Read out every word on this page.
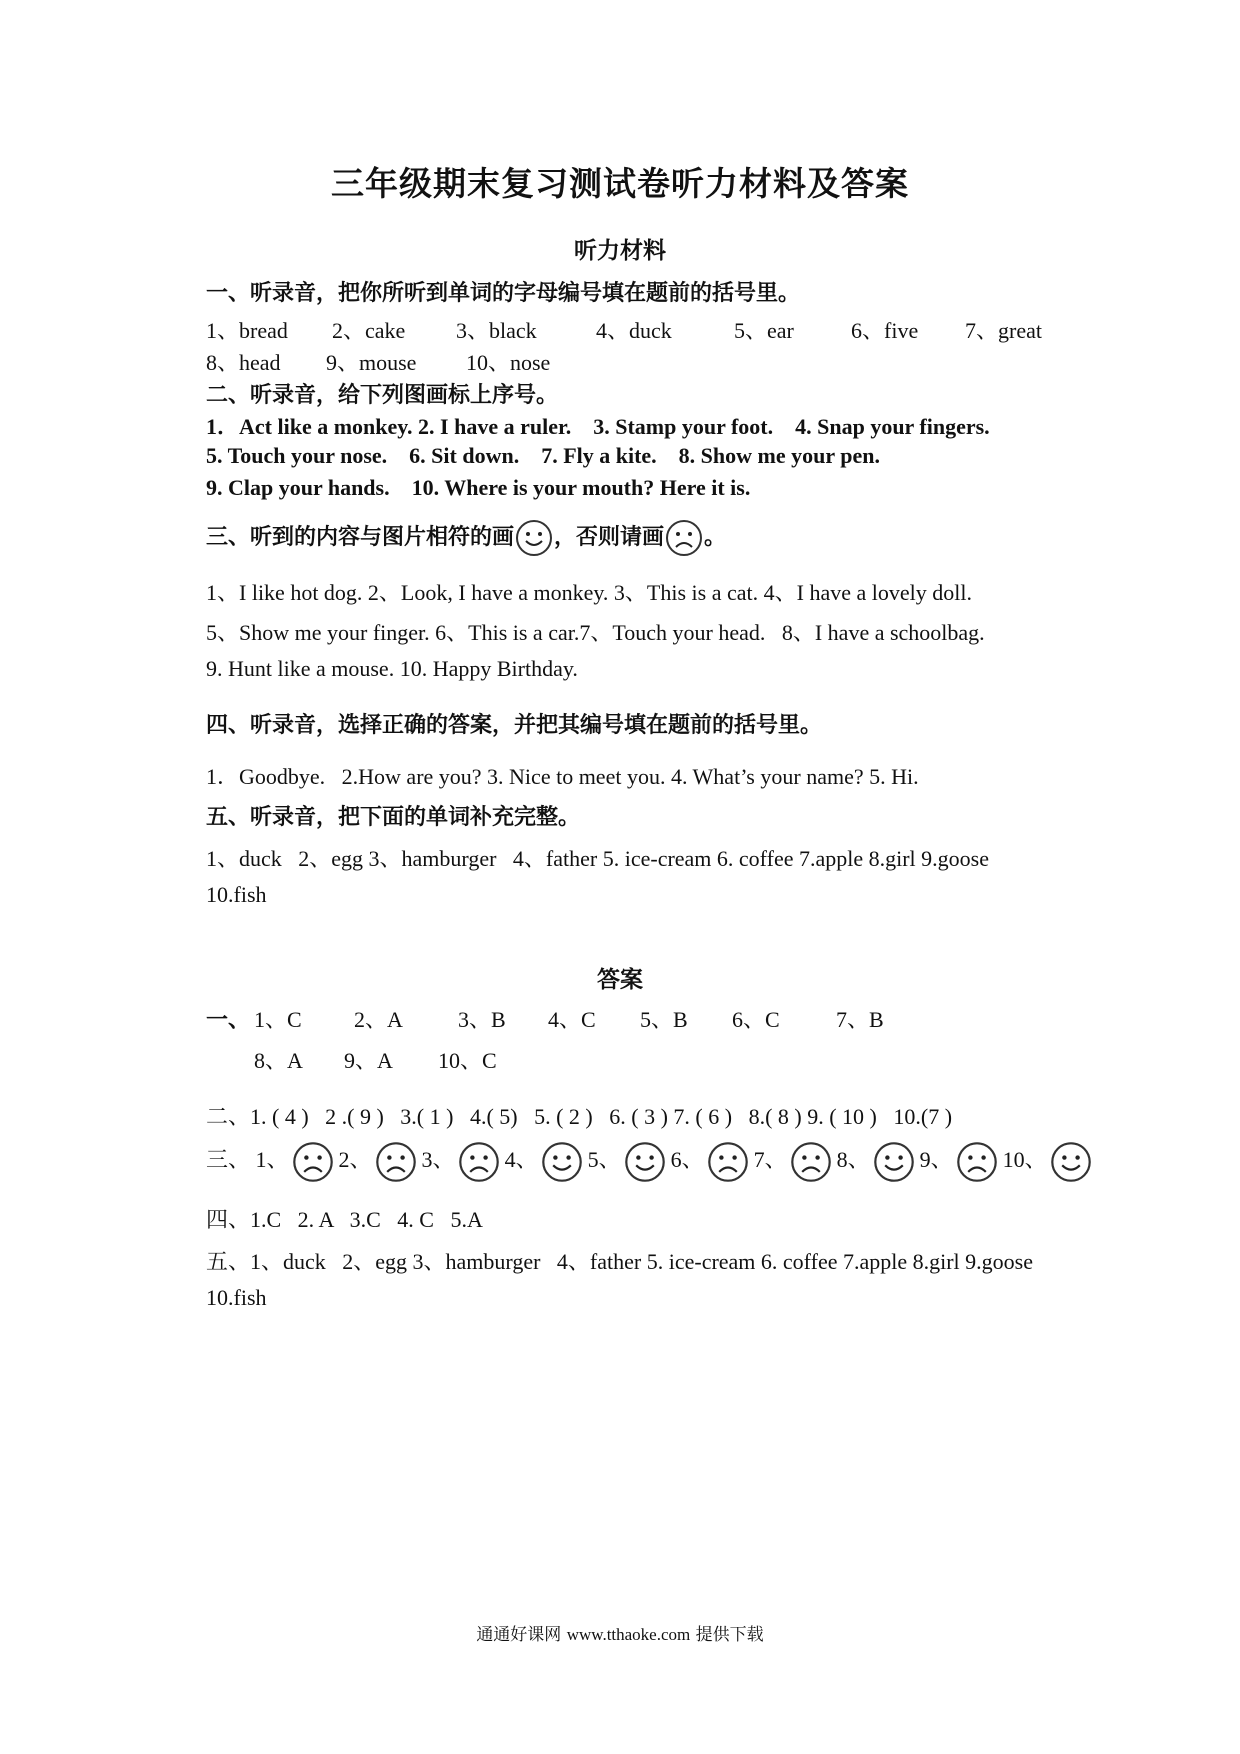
三年级期末复习测试卷听力材料及答案
听力材料
一、听录音，把你所听到单词的字母编号填在题前的括号里。
1、bread 2、cake 3、black	4、duck	5、ear	6、five 7、great
8、head 9、mouse 10、nose
二、听录音，给下列图画标上序号。
1．Act like a monkey. 2. I have a ruler.    3. Stamp your foot.    4. Snap your fingers.
5. Touch your nose.    6. Sit down.    7. Fly a kite.    8. Show me your pen.
9. Clap your hands.    10. Where is your mouth? Here it is.
三、听到的内容与图片相符的画 ，否则请画 。
1、I like hot dog. 2、Look, I have a monkey. 3、This is a cat. 4、I have a lovely doll.
5、Show me your finger. 6、This is a car.7、Touch your head.   8、I have a schoolbag.
9. Hunt like a mouse. 10. Happy Birthday.
四、听录音，选择正确的答案，并把其编号填在题前的括号里。
1．Goodbye.   2.How are you? 3. Nice to meet you. 4. What’s your name? 5. Hi.
五、听录音，把下面的单词补充完整。
1、duck   2、egg 3、hamburger   4、father 5. ice-cream 6. coffee 7.apple 8.girl 9.goose
10.fish
答案
一、 1、C 2、A	3、B 4、C 5、B 6、C	7、B
8、A 9、A 10、C
二、1. ( 4 )   2 .( 9 )   3.( 1 )   4.( 5)   5. ( 2 )   6. ( 3 ) 7. ( 6 )   8.( 8 ) 9. ( 10 )   10.(7 )
三、 1、 2、 3、 4、 5、 6、 7、 8、 9、 10、
四、1.C   2. A   3.C   4. C   5.A
五、1、duck   2、egg 3、hamburger   4、father 5. ice-cream 6. coffee 7.apple 8.girl 9.goose
10.fish
通通好课网 www.tthaoke.com 提供下载
